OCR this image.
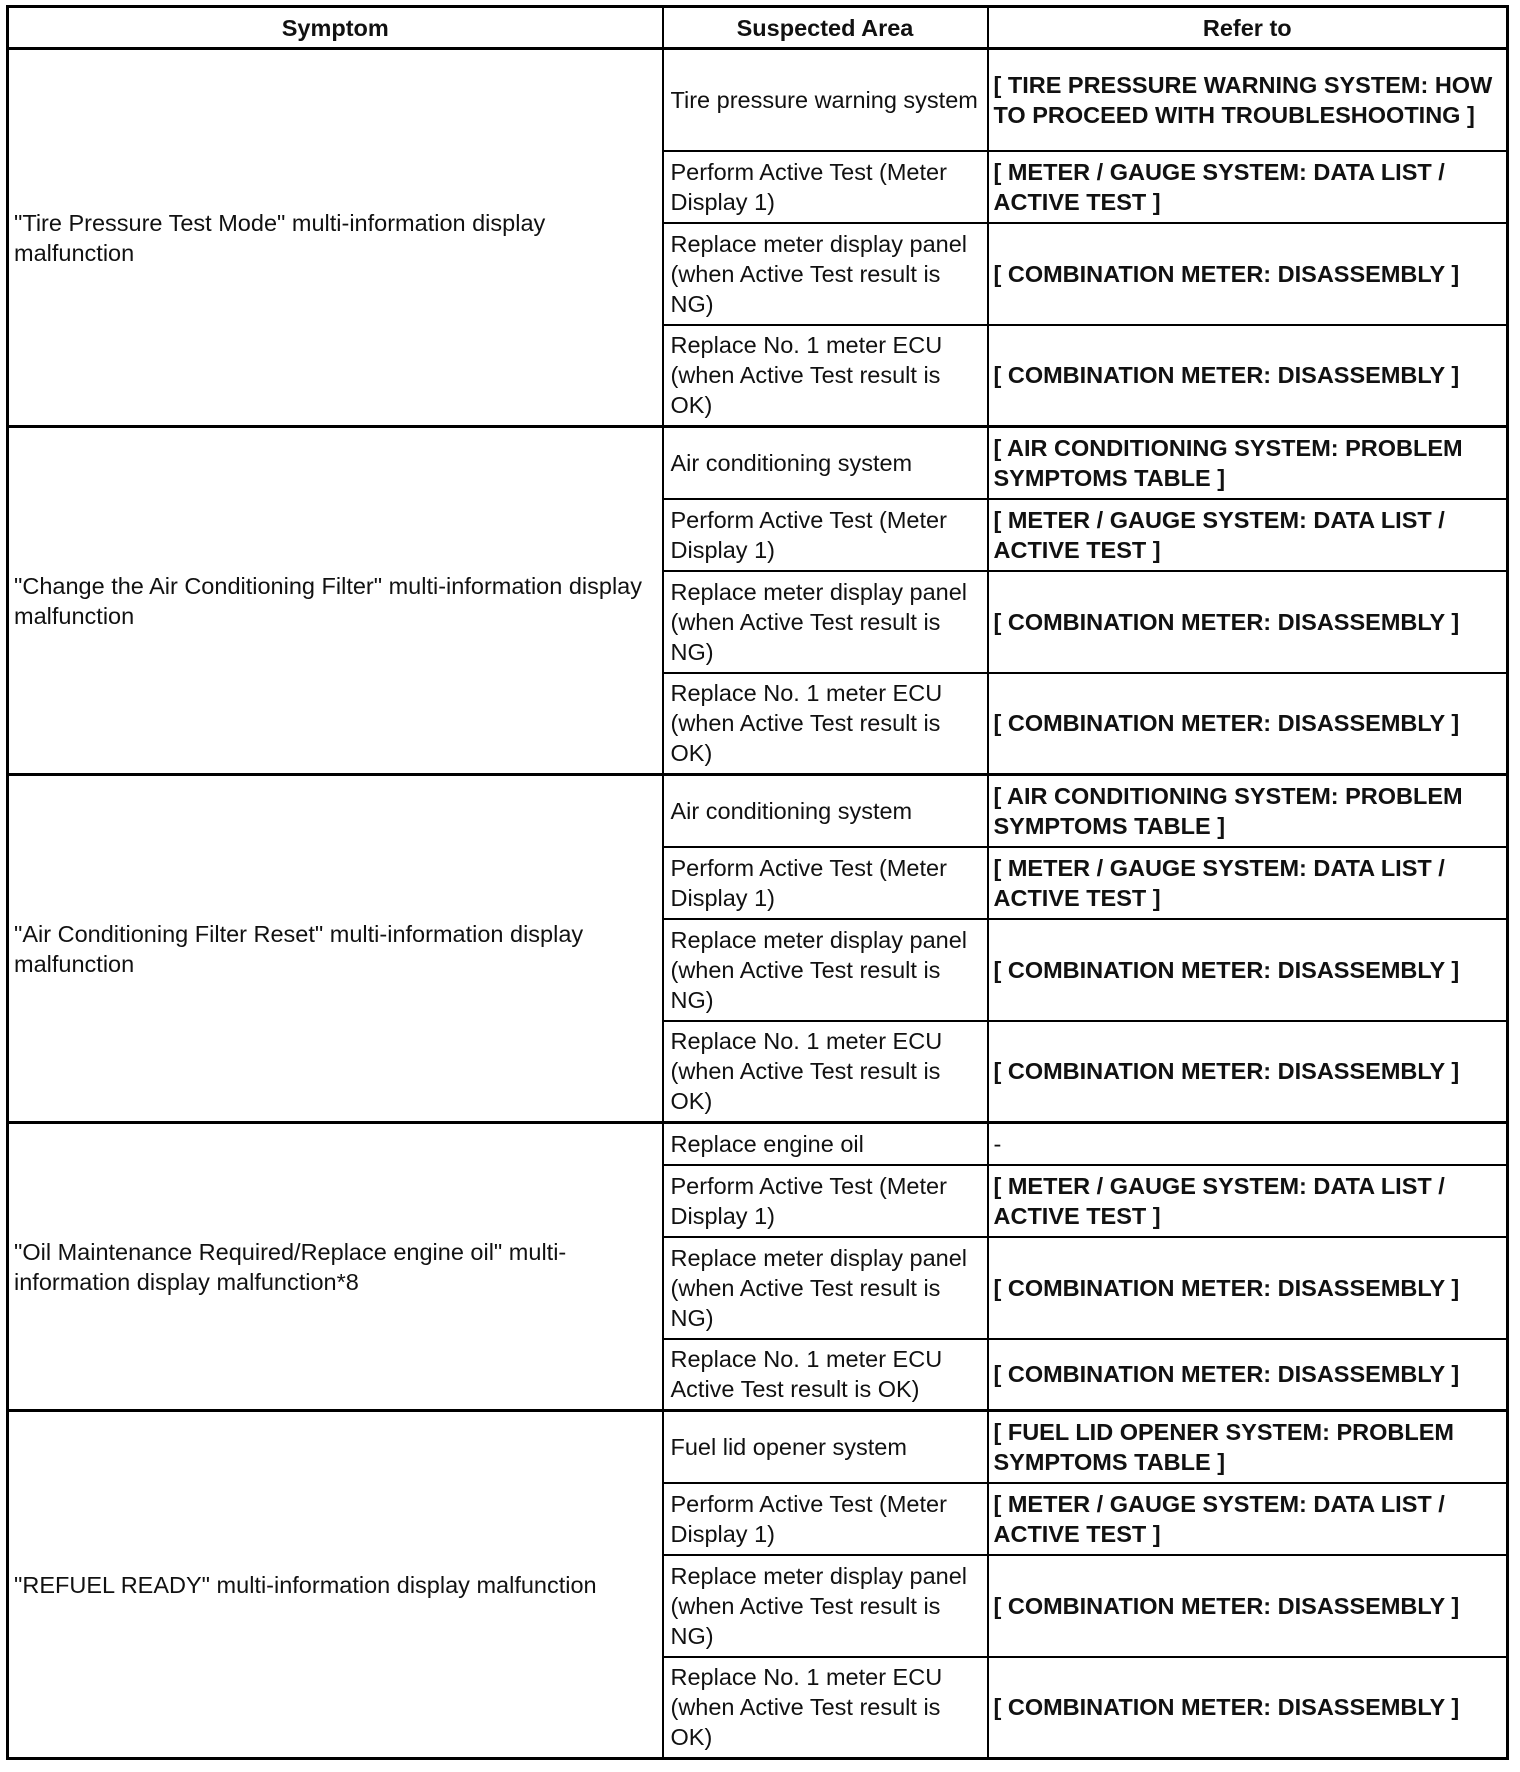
Symptom	Suspected Area	Refer to
"Tire Pressure Test Mode" multi-information display malfunction	Tire pressure warning system	[ TIRE PRESSURE WARNING SYSTEM: HOW TO PROCEED WITH TROUBLESHOOTING ]
	Perform Active Test (Meter Display 1)	[ METER / GAUGE SYSTEM: DATA LIST / ACTIVE TEST ]
	Replace meter display panel (when Active Test result is NG)	[ COMBINATION METER: DISASSEMBLY ]
	Replace No. 1 meter ECU (when Active Test result is OK)	[ COMBINATION METER: DISASSEMBLY ]
"Change the Air Conditioning Filter" multi-information display malfunction	Air conditioning system	[ AIR CONDITIONING SYSTEM: PROBLEM SYMPTOMS TABLE ]
	Perform Active Test (Meter Display 1)	[ METER / GAUGE SYSTEM: DATA LIST / ACTIVE TEST ]
	Replace meter display panel (when Active Test result is NG)	[ COMBINATION METER: DISASSEMBLY ]
	Replace No. 1 meter ECU (when Active Test result is OK)	[ COMBINATION METER: DISASSEMBLY ]
"Air Conditioning Filter Reset" multi-information display malfunction	Air conditioning system	[ AIR CONDITIONING SYSTEM: PROBLEM SYMPTOMS TABLE ]
	Perform Active Test (Meter Display 1)	[ METER / GAUGE SYSTEM: DATA LIST / ACTIVE TEST ]
	Replace meter display panel (when Active Test result is NG)	[ COMBINATION METER: DISASSEMBLY ]
	Replace No. 1 meter ECU (when Active Test result is OK)	[ COMBINATION METER: DISASSEMBLY ]
"Oil Maintenance Required/Replace engine oil" multi-information display malfunction*8	Replace engine oil	-
	Perform Active Test (Meter Display 1)	[ METER / GAUGE SYSTEM: DATA LIST / ACTIVE TEST ]
	Replace meter display panel (when Active Test result is NG)	[ COMBINATION METER: DISASSEMBLY ]
	Replace No. 1 meter ECU Active Test result is OK)	[ COMBINATION METER: DISASSEMBLY ]
"REFUEL READY" multi-information display malfunction	Fuel lid opener system	[ FUEL LID OPENER SYSTEM: PROBLEM SYMPTOMS TABLE ]
	Perform Active Test (Meter Display 1)	[ METER / GAUGE SYSTEM: DATA LIST / ACTIVE TEST ]
	Replace meter display panel (when Active Test result is NG)	[ COMBINATION METER: DISASSEMBLY ]
	Replace No. 1 meter ECU (when Active Test result is OK)	[ COMBINATION METER: DISASSEMBLY ]
